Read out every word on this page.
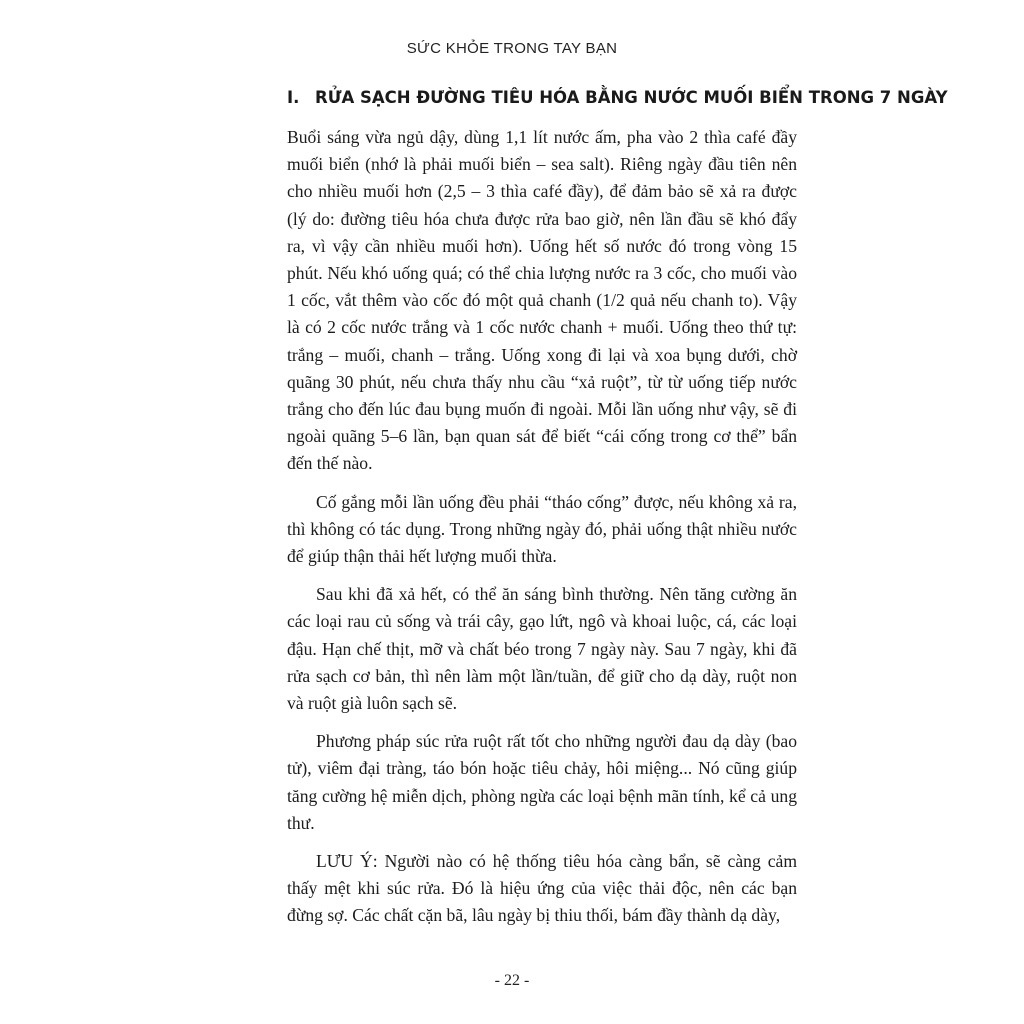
SỨC KHỎE TRONG TAY BẠN
I. RỬA SẠCH ĐƯỜNG TIÊU HÓA BẰNG NƯỚC MUỐI BIỂN TRONG 7 NGÀY

Buổi sáng vừa ngủ dậy, dùng 1,1 lít nước ấm, pha vào 2 thìa café đầy muối biển (nhớ là phải muối biển – sea salt). Riêng ngày đầu tiên nên cho nhiều muối hơn (2,5 – 3 thìa café đầy), để đảm bảo sẽ xả ra được (lý do: đường tiêu hóa chưa được rửa bao giờ, nên lần đầu sẽ khó đẩy ra, vì vậy cần nhiều muối hơn). Uống hết số nước đó trong vòng 15 phút. Nếu khó uống quá; có thể chia lượng nước ra 3 cốc, cho muối vào 1 cốc, vắt thêm vào cốc đó một quả chanh (1/2 quả nếu chanh to). Vậy là có 2 cốc nước trắng và 1 cốc nước chanh + muối. Uống theo thứ tự: trắng – muối, chanh – trắng. Uống xong đi lại và xoa bụng dưới, chờ quãng 30 phút, nếu chưa thấy nhu cầu “xả ruột”, từ từ uống tiếp nước trắng cho đến lúc đau bụng muốn đi ngoài. Mỗi lần uống như vậy, sẽ đi ngoài quãng 5–6 lần, bạn quan sát để biết “cái cống trong cơ thể” bẩn đến thế nào.

Cố gắng mỗi lần uống đều phải “tháo cống” được, nếu không xả ra, thì không có tác dụng. Trong những ngày đó, phải uống thật nhiều nước để giúp thận thải hết lượng muối thừa.

Sau khi đã xả hết, có thể ăn sáng bình thường. Nên tăng cường ăn các loại rau củ sống và trái cây, gạo lứt, ngô và khoai luộc, cá, các loại đậu. Hạn chế thịt, mỡ và chất béo trong 7 ngày này. Sau 7 ngày, khi đã rửa sạch cơ bản, thì nên làm một lần/tuần, để giữ cho dạ dày, ruột non và ruột già luôn sạch sẽ.

Phương pháp súc rửa ruột rất tốt cho những người đau dạ dày (bao tử), viêm đại tràng, táo bón hoặc tiêu chảy, hôi miệng... Nó cũng giúp tăng cường hệ miễn dịch, phòng ngừa các loại bệnh mãn tính, kể cả ung thư.

LƯU Ý: Người nào có hệ thống tiêu hóa càng bẩn, sẽ càng cảm thấy mệt khi súc rửa. Đó là hiệu ứng của việc thải độc, nên các bạn đừng sợ. Các chất cặn bã, lâu ngày bị thiu thối, bám đầy thành dạ dày,

- 22 -
